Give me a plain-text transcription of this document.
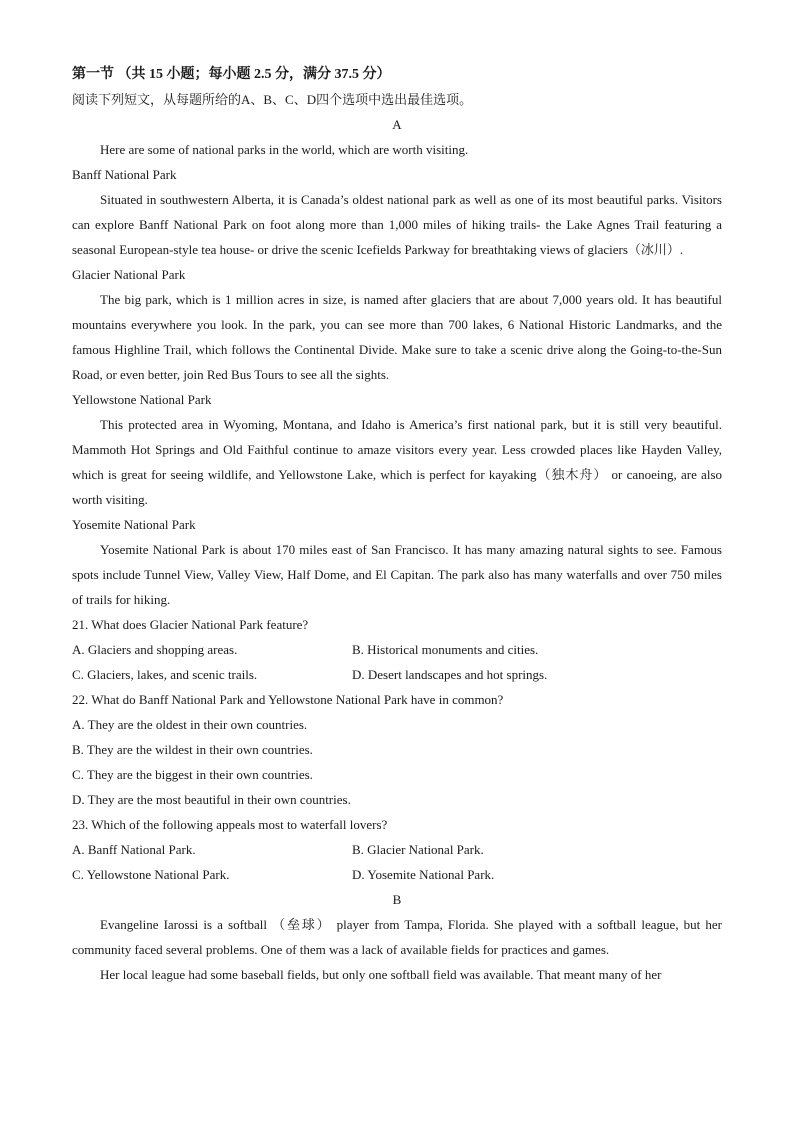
第一节 （共 15 小题；每小题 2.5 分，满分 37.5 分）
阅读下列短文，从每题所给的A、B、C、D四个选项中选出最佳选项。
A
Here are some of national parks in the world, which are worth visiting.
Banff National Park
Situated in southwestern Alberta, it is Canada’s oldest national park as well as one of its most beautiful parks. Visitors can explore Banff National Park on foot along more than 1,000 miles of hiking trails- the Lake Agnes Trail featuring a seasonal European-style tea house- or drive the scenic Icefields Parkway for breathtaking views of glaciers（冰川）.
Glacier National Park
The big park, which is 1 million acres in size, is named after glaciers that are about 7,000 years old. It has beautiful mountains everywhere you look. In the park, you can see more than 700 lakes, 6 National Historic Landmarks, and the famous Highline Trail, which follows the Continental Divide. Make sure to take a scenic drive along the Going-to-the-Sun Road, or even better, join Red Bus Tours to see all the sights.
Yellowstone National Park
This protected area in Wyoming, Montana, and Idaho is America’s first national park, but it is still very beautiful. Mammoth Hot Springs and Old Faithful continue to amaze visitors every year. Less crowded places like Hayden Valley, which is great for seeing wildlife, and Yellowstone Lake, which is perfect for kayaking（独木舟） or canoeing, are also worth visiting.
Yosemite National Park
Yosemite National Park is about 170 miles east of San Francisco. It has many amazing natural sights to see. Famous spots include Tunnel View, Valley View, Half Dome, and El Capitan. The park also has many waterfalls and over 750 miles of trails for hiking.
21. What does Glacier National Park feature?
A. Glaciers and shopping areas.	B. Historical monuments and cities.
C. Glaciers, lakes, and scenic trails.	D. Desert landscapes and hot springs.
22. What do Banff National Park and Yellowstone National Park have in common?
A. They are the oldest in their own countries.
B. They are the wildest in their own countries.
C. They are the biggest in their own countries.
D. They are the most beautiful in their own countries.
23. Which of the following appeals most to waterfall lovers?
A. Banff National Park.	B. Glacier National Park.
C. Yellowstone National Park.	D. Yosemite National Park.
B
Evangeline Iarossi is a softball （垒球） player from Tampa, Florida. She played with a softball league, but her community faced several problems. One of them was a lack of available fields for practices and games.
Her local league had some baseball fields, but only one softball field was available. That meant many of her
